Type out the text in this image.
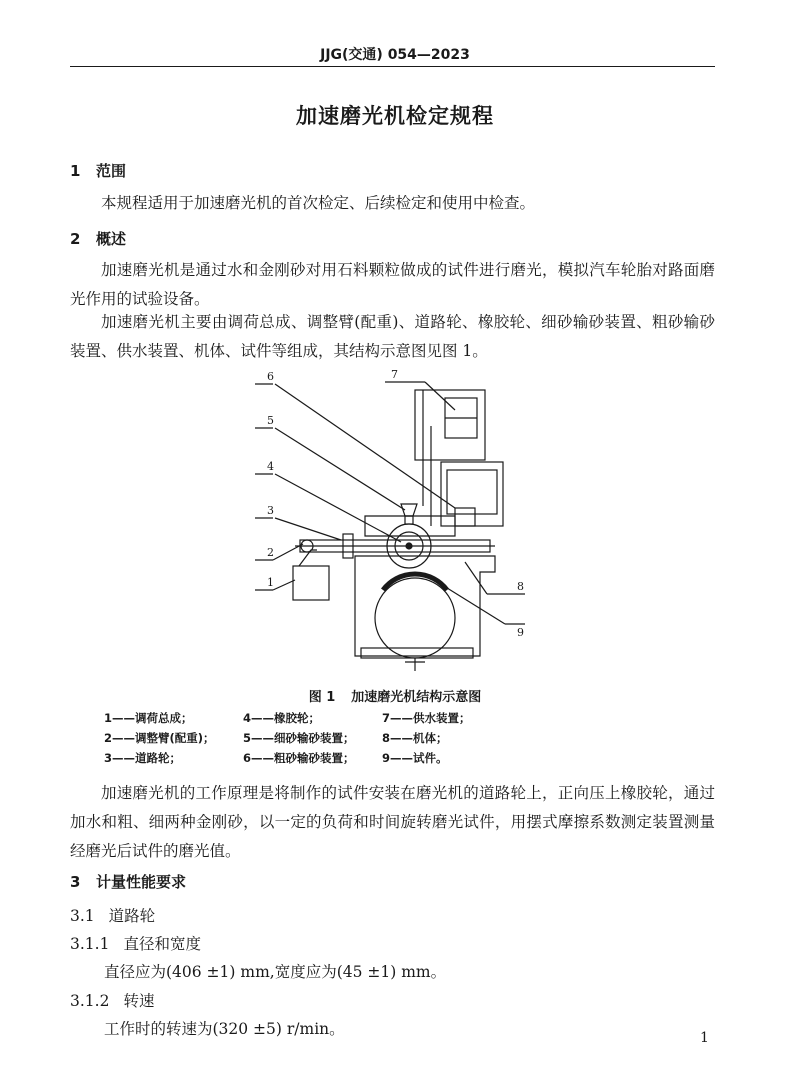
JJG(交通) 054—2023
加速磨光机检定规程
1 范围
本规程适用于加速磨光机的首次检定、后续检定和使用中检查。
2 概述
加速磨光机是通过水和金刚砂对用石料颗粒做成的试件进行磨光，模拟汽车轮胎对路面磨光作用的试验设备。
加速磨光机主要由调荷总成、调整臂(配重)、道路轮、橡胶轮、细砂输砂装置、粗砂输砂装置、供水装置、机体、试件等组成，其结构示意图见图 1。
6
5
4
3
2
1
7
8
9
图 1 加速磨光机结构示意图
1——调荷总成；	4——橡胶轮；	7——供水装置；
2——调整臂(配重)； 5——细砂输砂装置； 8——机体；
3——道路轮；	6——粗砂输砂装置； 9——试件。
加速磨光机的工作原理是将制作的试件安装在磨光机的道路轮上，正向压上橡胶轮，通过加水和粗、细两种金刚砂，以一定的负荷和时间旋转磨光试件，用摆式摩擦系数测定装置测量经磨光后试件的磨光值。
3 计量性能要求
3.1 道路轮
3.1.1 直径和宽度
直径应为(406 ±1) mm,宽度应为(45 ±1) mm。
3.1.2 转速
工作时的转速为(320 ±5) r/min。	1
